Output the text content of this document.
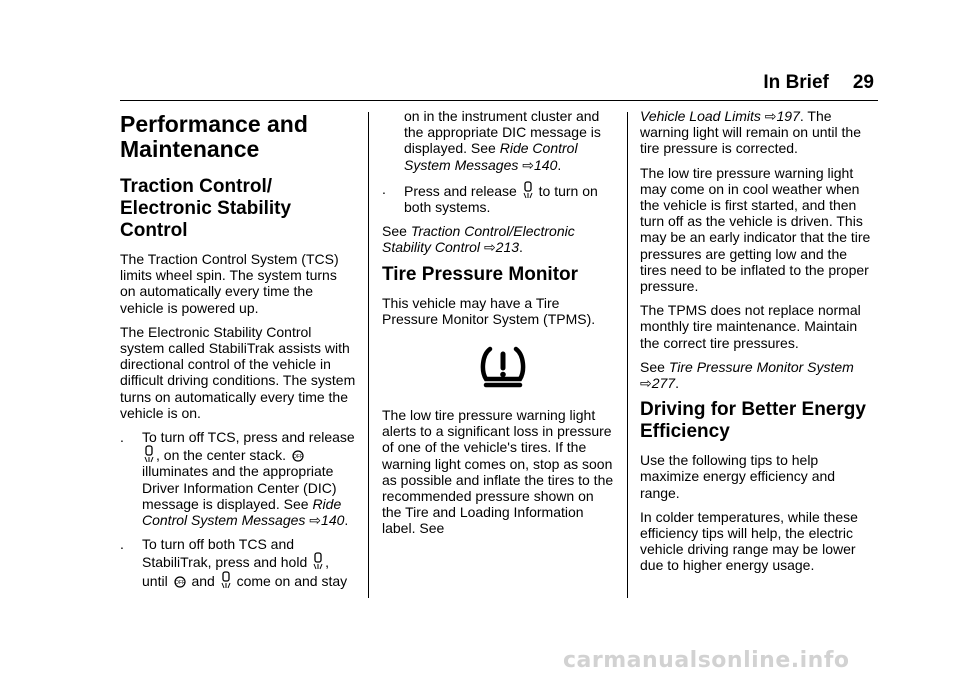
In Brief 29
Performance and Maintenance
Traction Control/ Electronic Stability Control

The Traction Control System (TCS) limits wheel spin. The system turns on automatically every time the vehicle is powered up.

The Electronic Stability Control system called StabiliTrak assists with directional control of the vehicle in difficult driving conditions. The system turns on automatically every time the vehicle is on.

. To turn off TCS, press and release , on the center stack. OFF
illuminates and the appropriate Driver Information Center (DIC) message is displayed. See Ride Control System Messages ⇨140.
. To turn off both TCS and StabiliTrak, press and hold , until OFF and  come on and stay

on in the instrument cluster and the appropriate DIC message is displayed. See Ride Control System Messages ⇨140.

. Press and release  to turn on both systems.

See Traction Control/Electronic Stability Control ⇨213.

Tire Pressure Monitor

This vehicle may have a Tire Pressure Monitor System (TPMS).

The low tire pressure warning light alerts to a significant loss in pressure of one of the vehicle's tires. If the warning light comes on, stop as soon as possible and inflate the tires to the recommended pressure shown on the Tire and Loading Information label. See

Vehicle Load Limits ⇨197. The warning light will remain on until the tire pressure is corrected.

The low tire pressure warning light may come on in cool weather when the vehicle is first started, and then turn off as the vehicle is driven. This may be an early indicator that the tire pressures are getting low and the tires need to be inflated to the proper pressure.

The TPMS does not replace normal monthly tire maintenance. Maintain the correct tire pressures.

See Tire Pressure Monitor System ⇨277.

Driving for Better Energy Efficiency

Use the following tips to help maximize energy efficiency and range.

In colder temperatures, while these efficiency tips will help, the electric vehicle driving range may be lower due to higher energy usage.

carmanualsonline.info
